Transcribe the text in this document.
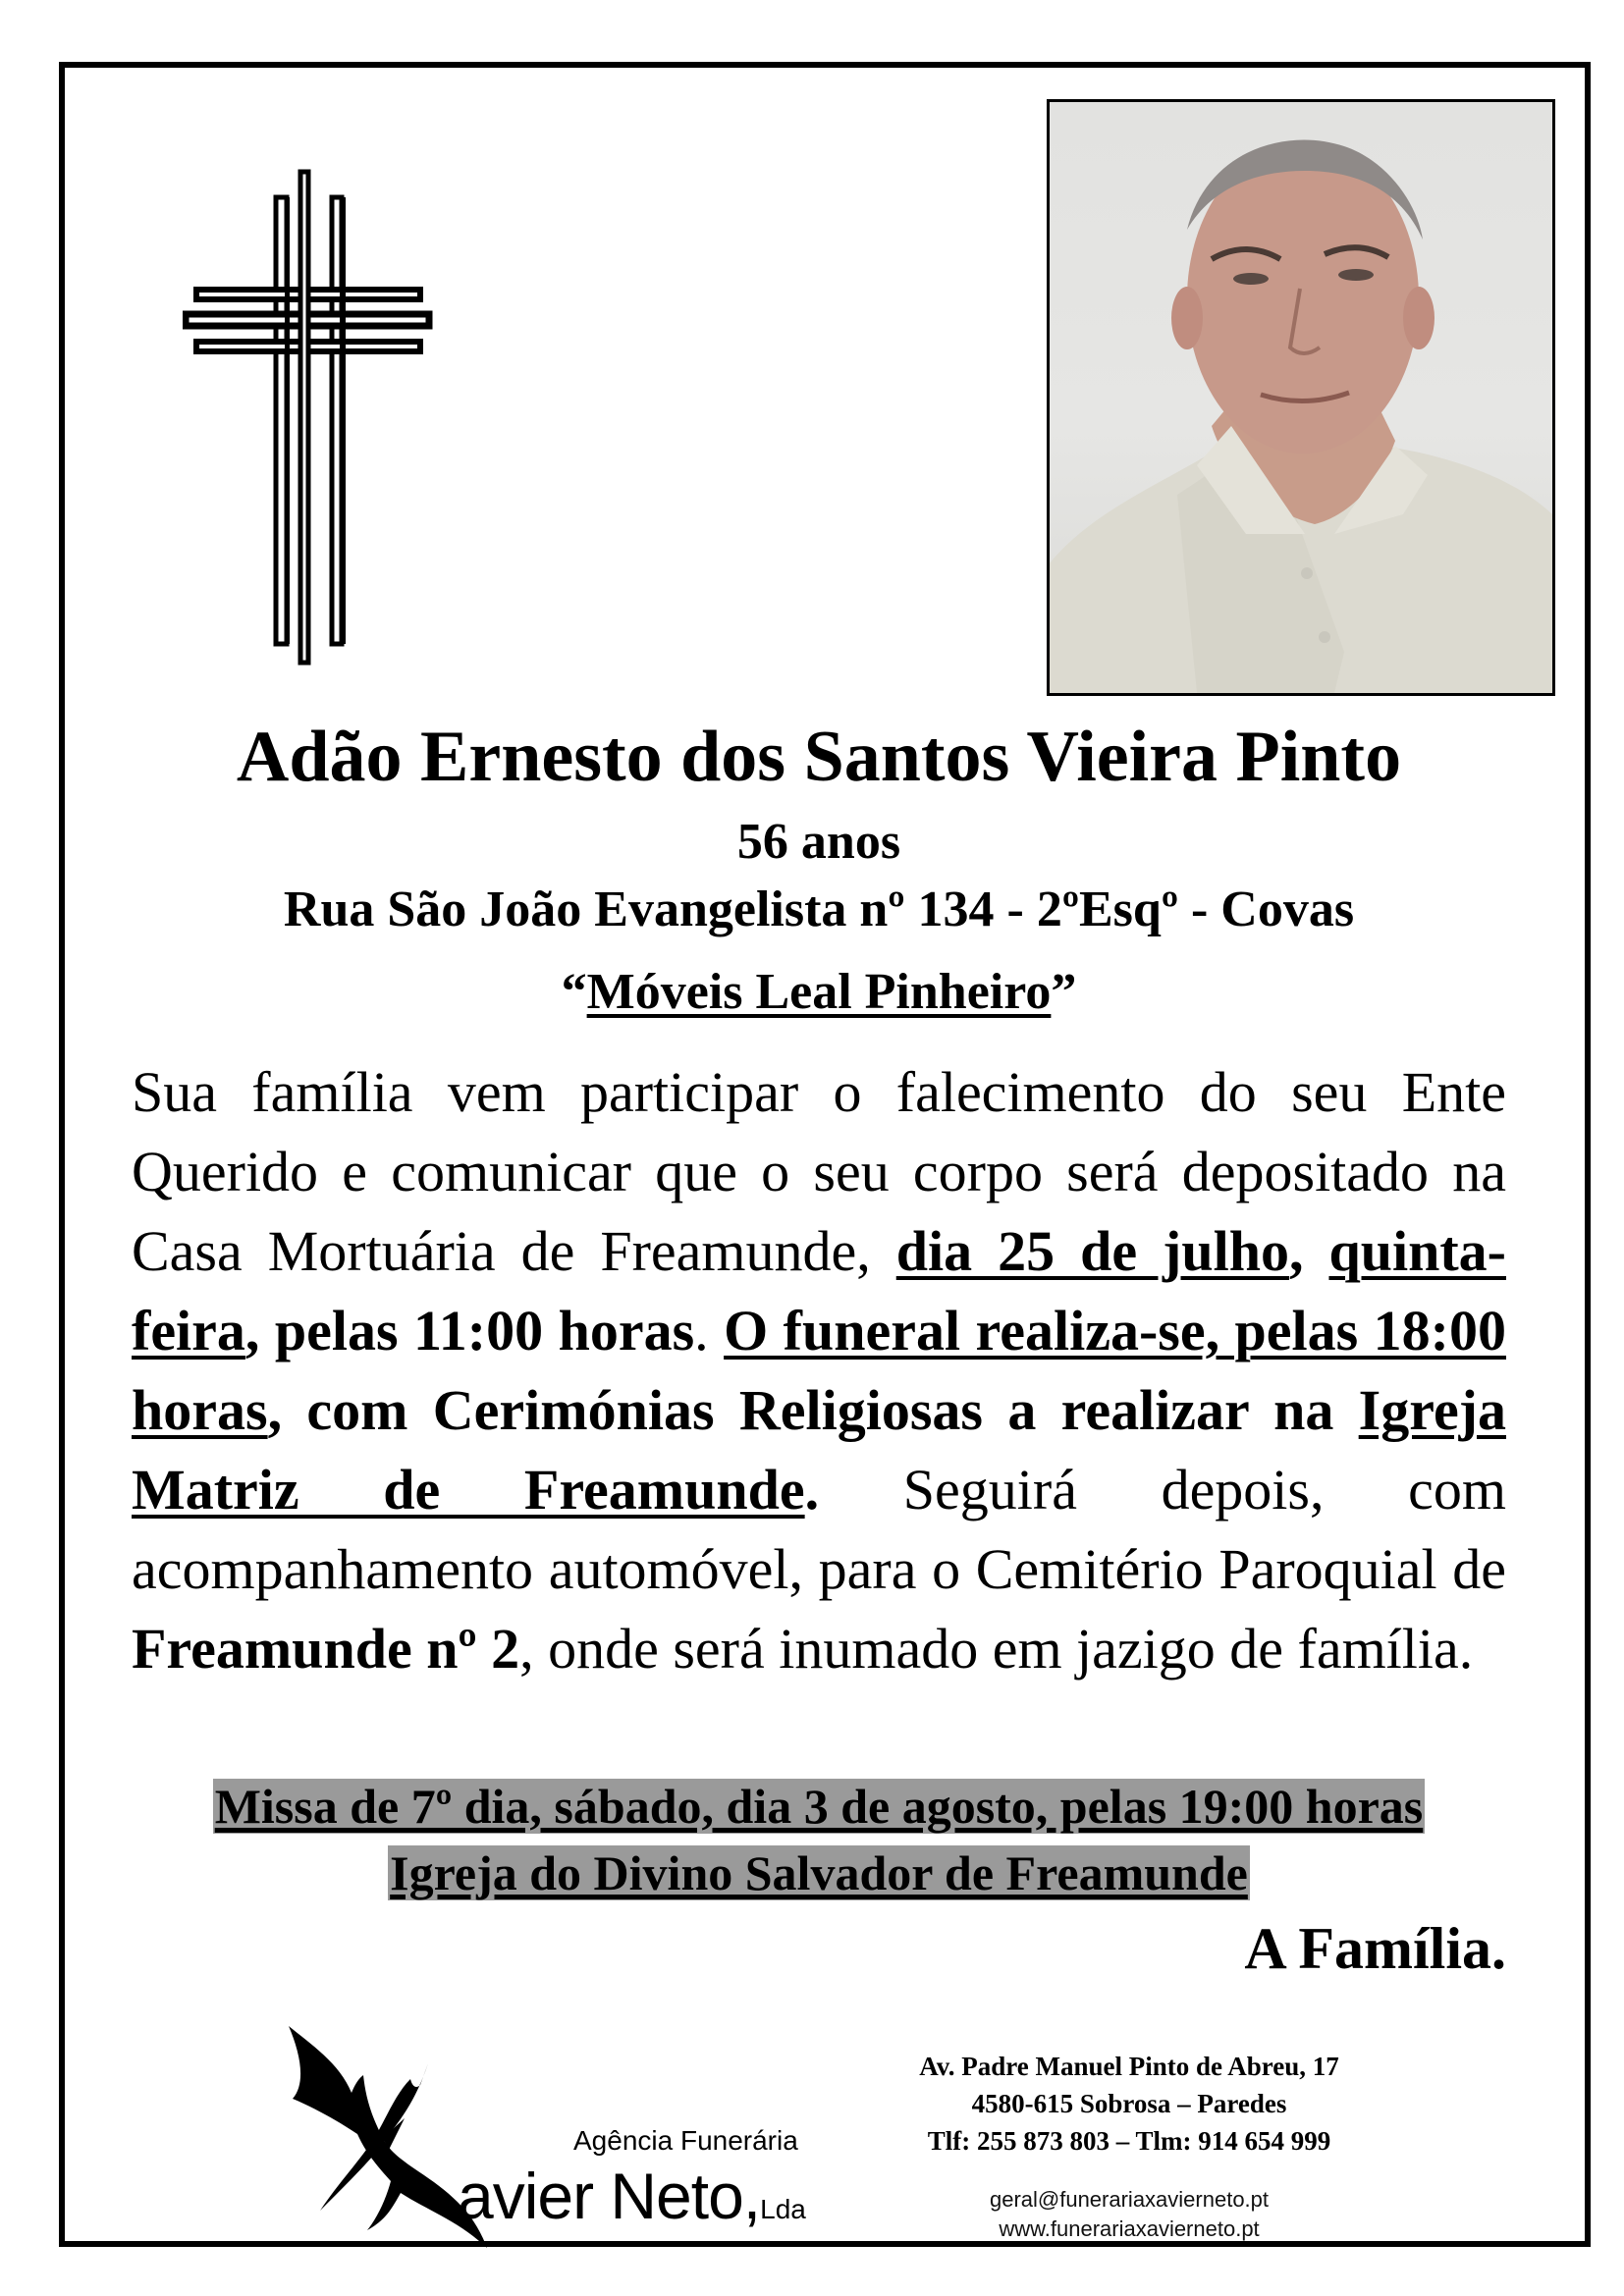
Adão Ernesto dos Santos Vieira Pinto
56 anos
Rua São João Evangelista nº 134 - 2ºEsqº - Covas
“Móveis Leal Pinheiro”
Sua família vem participar o falecimento do seu Ente Querido e comunicar que o seu corpo será depositado na Casa Mortuária de Freamunde, dia 25 de julho, quinta-feira, pelas 11:00 horas. O funeral realiza-se, pelas 18:00 horas, com Cerimónias Religiosas a realizar na Igreja Matriz de Freamunde. Seguirá depois, com acompanhamento automóvel, para o Cemitério Paroquial de Freamunde nº 2, onde será inumado em jazigo de família.
Missa de 7º dia, sábado, dia 3 de agosto, pelas 19:00 horas
Igreja do Divino Salvador de Freamunde
A Família.
Agência Funerária
avier Neto,Lda
Av. Padre Manuel Pinto de Abreu, 17
4580-615 Sobrosa – Paredes
Tlf: 255 873 803 – Tlm: 914 654 999
geral@funerariaxavierneto.pt
www.funerariaxavierneto.pt
